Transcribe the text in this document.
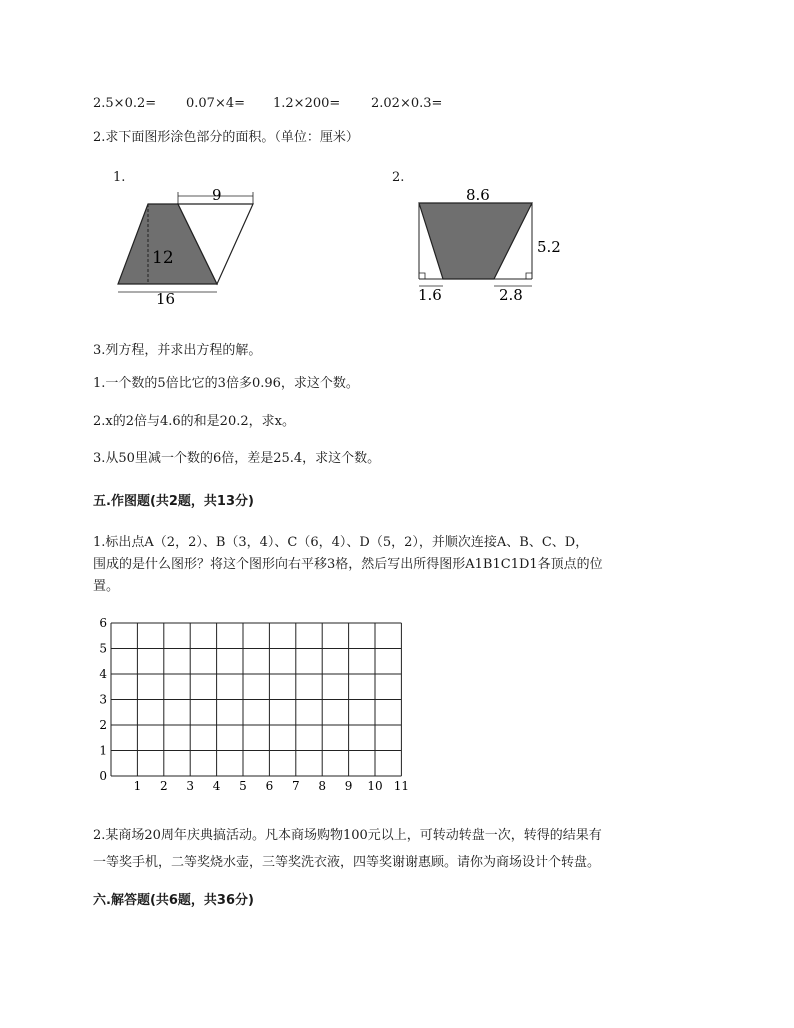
2.5×0.2= 0.07×4= 1.2×200= 2.02×0.3=
2.求下面图形涂色部分的面积。（单位：厘米）
1.
9
12
16
2.
8.6
5.2
1.6	2.8
3.列方程，并求出方程的解。
1.一个数的5倍比它的3倍多0.96，求这个数。
2.x的2倍与4.6的和是20.2，求x。
3.从50里减一个数的6倍，差是25.4，求这个数。
五.作图题(共2题，共13分)
1.标出点A（2，2）、B（3，4）、C（6，4）、D（5，2），并顺次连接A、B、C、D，
围成的是什么图形？将这个图形向右平移3格，然后写出所得图形A1B1C1D1各顶点的位
置。
1 2 3 4 5 6 7 8 9 10 11
0
1
2
3
4
5
6
2.某商场20周年庆典搞活动。凡本商场购物100元以上，可转动转盘一次，转得的结果有
一等奖手机，二等奖烧水壶，三等奖洗衣液，四等奖谢谢惠顾。请你为商场设计个转盘。
六.解答题(共6题，共36分)
